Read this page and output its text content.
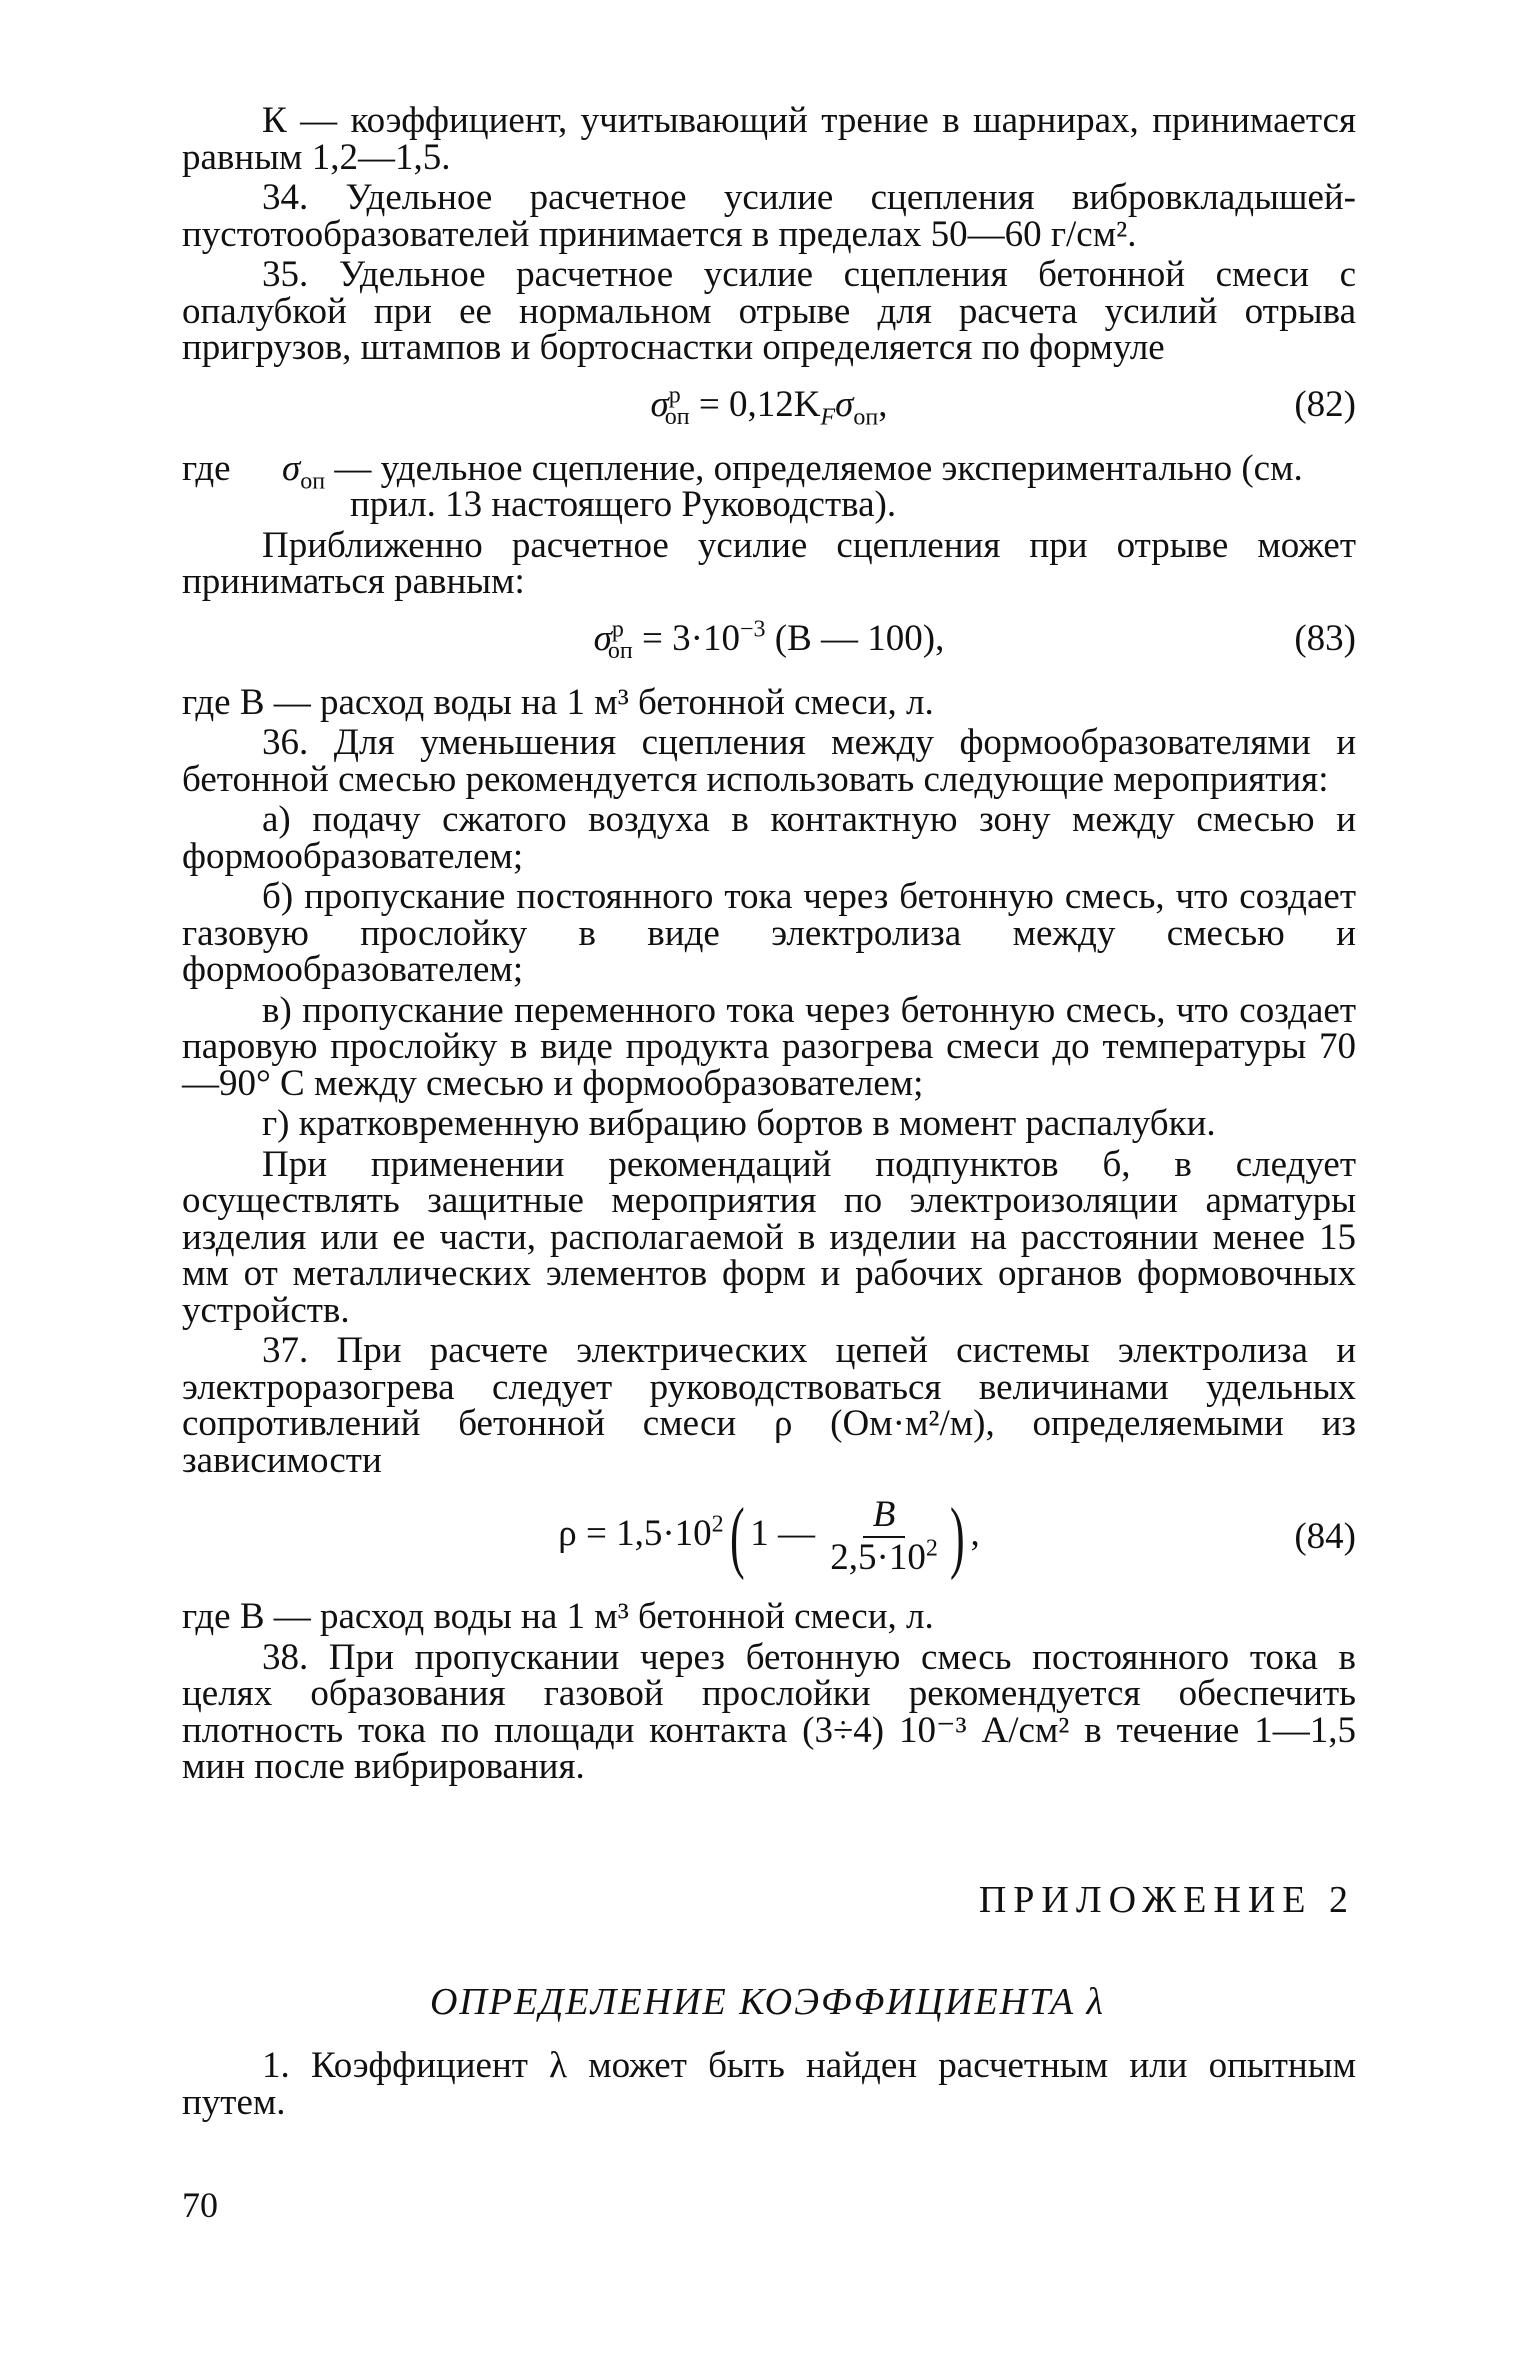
К — коэффициент, учитывающий трение в шарнирах, принимается равным 1,2—1,5.

34. Удельное расчетное усилие сцепления вибровкладышей-пустотообразователей принимается в пределах 50—60 г/см².

35. Удельное расчетное усилие сцепления бетонной смеси с опалубкой при ее нормальном отрыве для расчета усилий отрыва пригрузов, штампов и бортоснастки определяется по формуле

$\sigma^р_{оп} = 0,12K_F\sigma_{оп}$,	(82)
где	$\sigma_{оп}$ — удельное сцепление, определяемое экспериментально (см.
прил. 13 настоящего Руководства).

Приближенно расчетное усилие сцепления при отрыве может приниматься равным:

$\sigma^р_{оп} = 3\cdot 10^{-3}$ (B — 100),	(83)

где B — расход воды на 1 м³ бетонной смеси, л.

36. Для уменьшения сцепления между формообразователями и бетонной смесью рекомендуется использовать следующие мероприятия:

а) подачу сжатого воздуха в контактную зону между смесью и формообразователем;

б) пропускание постоянного тока через бетонную смесь, что создает газовую прослойку в виде электролиза между смесью и формообразователем;

в) пропускание переменного тока через бетонную смесь, что создает паровую прослойку в виде продукта разогрева смеси до температуры 70—90° С между смесью и формообразователем;

г) кратковременную вибрацию бортов в момент распалубки.

При применении рекомендаций подпунктов б, в следует осуществлять защитные мероприятия по электроизоляции арматуры изделия или ее части, располагаемой в изделии на расстоянии менее 15 мм от металлических элементов форм и рабочих органов формовочных устройств.

37. При расчете электрических цепей системы электролиза и электроразогрева следует руководствоваться величинами удельных сопротивлений бетонной смеси ρ (Ом·м²/м), определяемыми из зависимости

$\rho = 1,5\cdot 10^2$( 1 — $\frac{B}{2,5\cdot 10^2}$ ) ,	(84)

где B — расход воды на 1 м³ бетонной смеси, л.

38. При пропускании через бетонную смесь постоянного тока в целях образования газовой прослойки рекомендуется обеспечить плотность тока по площади контакта (3÷4) 10⁻³ А/см² в течение 1—1,5 мин после вибрирования.

ПРИЛОЖЕНИЕ 2
ОПРЕДЕЛЕНИЕ КОЭФФИЦИЕНТА λ

1. Коэффициент λ может быть найден расчетным или опытным путем.

70
